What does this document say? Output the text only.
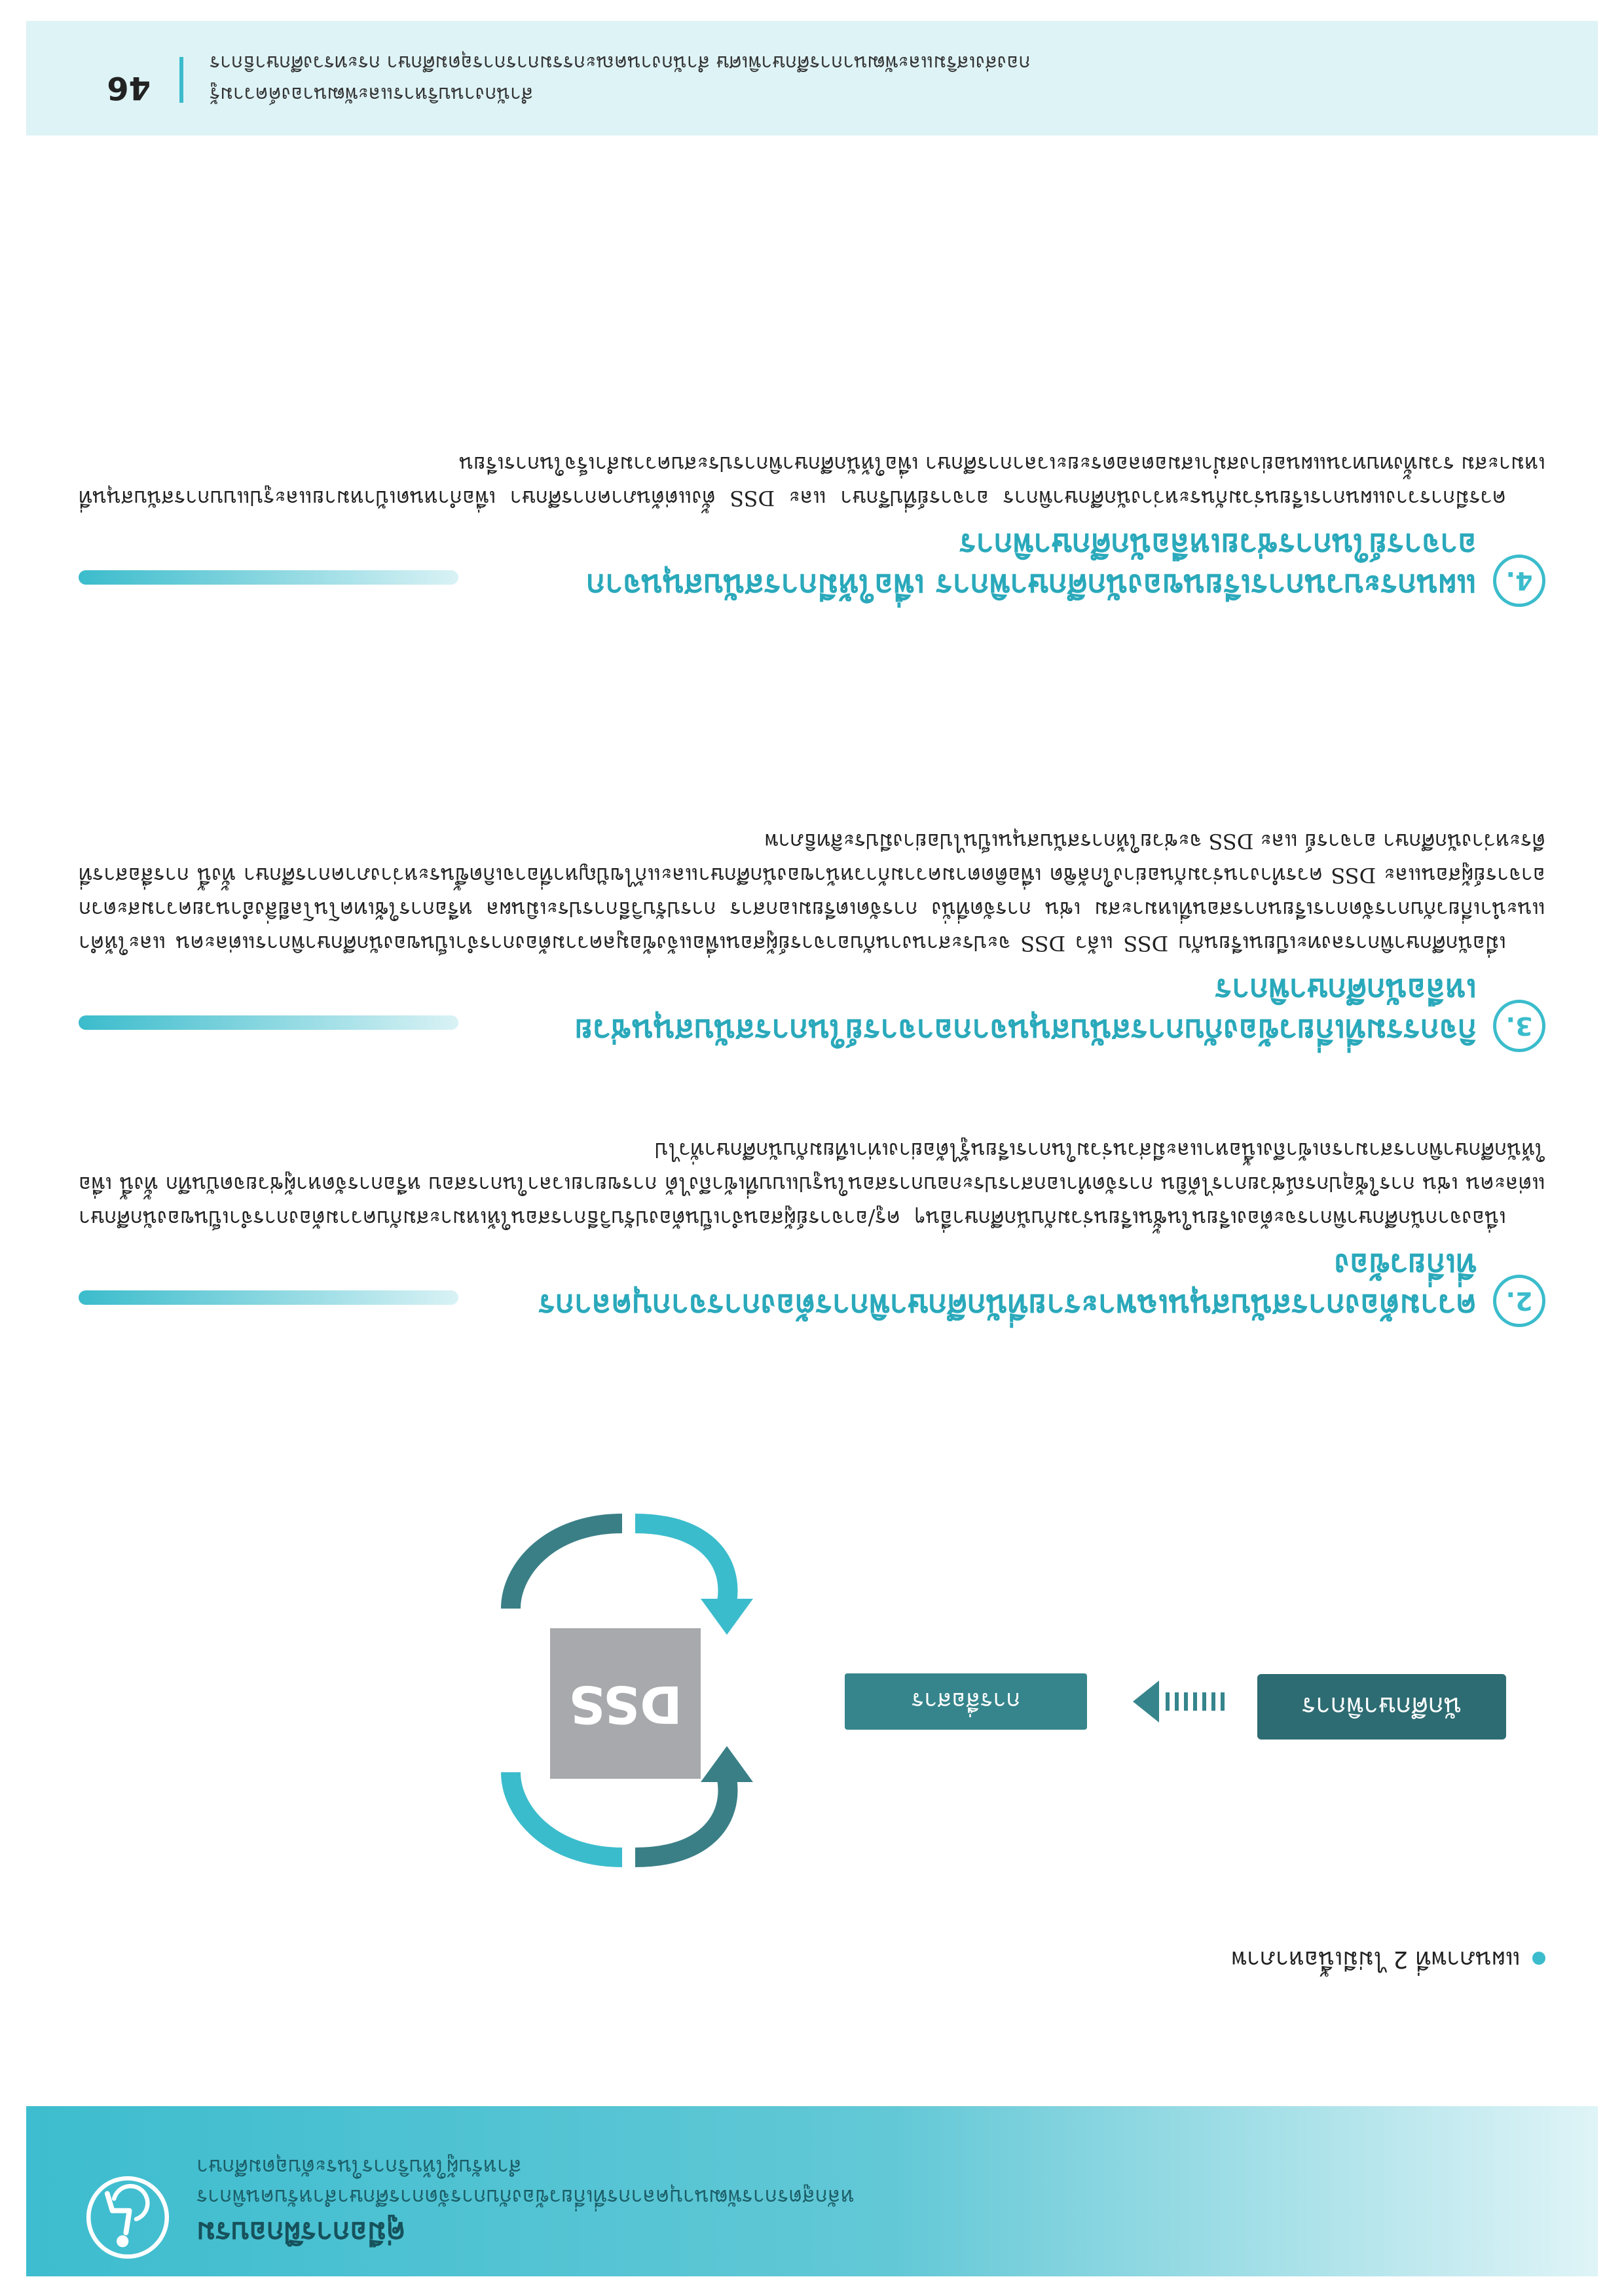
คู่มือการฝึกอบรม
หลักสูตรการพัฒนาบุคลากรที่เกี่ยวข้องกับการจัดการศึกษาสำหรับคนพิการ
สำหรับผู้ให้บริการในระดับอุดมศึกษา
แผนภาพที่ 2 ไม่มีเนื้อหาภาพ
นักศึกษาพิการ
การสื่อสาร
DSS
2.
ความต้องการสนับสนุนเฉพาะรายที่นักศึกษาพิการต้องการจากบุคลากรที่เกี่ยวข้อง
เนื่องจากนักศึกษาพิการจะต้องเรียนในชั้นเรียนร่วมกับนักศึกษาอื่นๆ ครู/อาจารย์ผู้สอนจำเป็นต้องปรับวิธีการสอนให้เหมาะสมกับความต้องการจำเป็นของนักศึกษาแต่ละคน เช่น การใช้อุปกรณ์ช่วยการได้ยิน การจัดทำเอกสารประกอบการสอนในรูปแบบที่เข้าถึงได้ การขยายเวลาในการสอบ หรือการจัดหาผู้ช่วยจดบันทึก ทั้งนี้ เพื่อให้นักศึกษาพิการสามารถเข้าถึงเนื้อหาและมีส่วนร่วมในการเรียนรู้ได้อย่างเท่าเทียมกับนักศึกษาทั่วไป
3.
กิจกรรมที่เกี่ยวข้องกับการสนับสนุนจากอาจารย์ในการสนับสนุนช่วยเหลือนักศึกษาพิการ
เมื่อนักศึกษาพิการลงทะเบียนเรียนกับ DSS แล้ว DSS จะประสานงานกับอาจารย์ผู้สอนเพื่อแจ้งข้อมูลความต้องการจำเป็นของนักศึกษาพิการแต่ละคน และให้คำแนะนำเกี่ยวกับการจัดการเรียนการสอนที่เหมาะสม เช่น การจัดที่นั่ง การจัดเตรียมเอกสาร การปรับวิธีการประเมินผล หรือการใช้เทคโนโลยีสิ่งอำนวยความสะดวก อาจารย์ผู้สอนและ DSS ควรทำงานร่วมกันอย่างใกล้ชิด เพื่อติดตามความก้าวหน้าของนักศึกษาและแก้ไขปัญหาที่อาจเกิดขึ้นระหว่างภาคการศึกษา ทั้งนี้ การสื่อสารที่ดีระหว่างนักศึกษา อาจารย์ และ DSS จะช่วยให้การสนับสนุนเป็นไปอย่างมีประสิทธิภาพ
4.
แผนกระบวนการเรียนของนักศึกษาพิการ เพื่อให้มีการสนับสนุนจากอาจารย์ในการช่วยเหลือนักศึกษาพิการ
ควรมีการวางแผนการเรียนร่วมกันระหว่างนักศึกษาพิการ อาจารย์ที่ปรึกษา และ DSS ตั้งแต่ต้นภาคการศึกษา เพื่อกำหนดเป้าหมายและรูปแบบการสนับสนุนที่เหมาะสม รวมทั้งทบทวนแผนอย่างสม่ำเสมอตลอดระยะเวลาการศึกษา เพื่อให้นักศึกษาพิการประสบความสำเร็จในการเรียน
46	สำนักงานบริหารและพัฒนาองค์ความรู้
กองส่งเสริมและพัฒนาการศึกษาพิเศษ สำนักงานคณะกรรมการการอุดมศึกษา กระทรวงศึกษาธิการ
